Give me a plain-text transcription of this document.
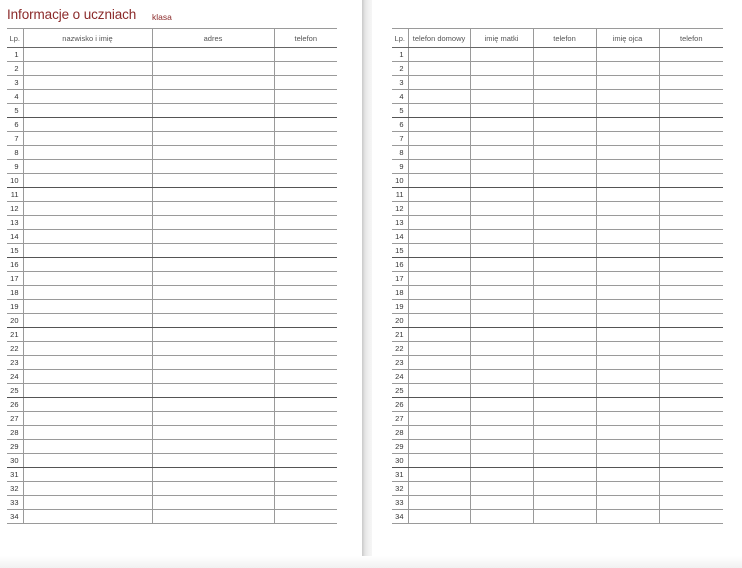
Informacje o uczniach klasa
Lp.	nazwisko i imię	adres	telefon
1			
2			
3			
4			
5			
6			
7			
8			
9			
10			
11			
12			
13			
14			
15			
16			
17			
18			
19			
20			
21			
22			
23			
24			
25			
26			
27			
28			
29			
30			
31			
32			
33			
34			
Lp.	telefon domowy	imię matki	telefon	imię ojca	telefon
1					
2					
3					
4					
5					
6					
7					
8					
9					
10					
11					
12					
13					
14					
15					
16					
17					
18					
19					
20					
21					
22					
23					
24					
25					
26					
27					
28					
29					
30					
31					
32					
33					
34					
